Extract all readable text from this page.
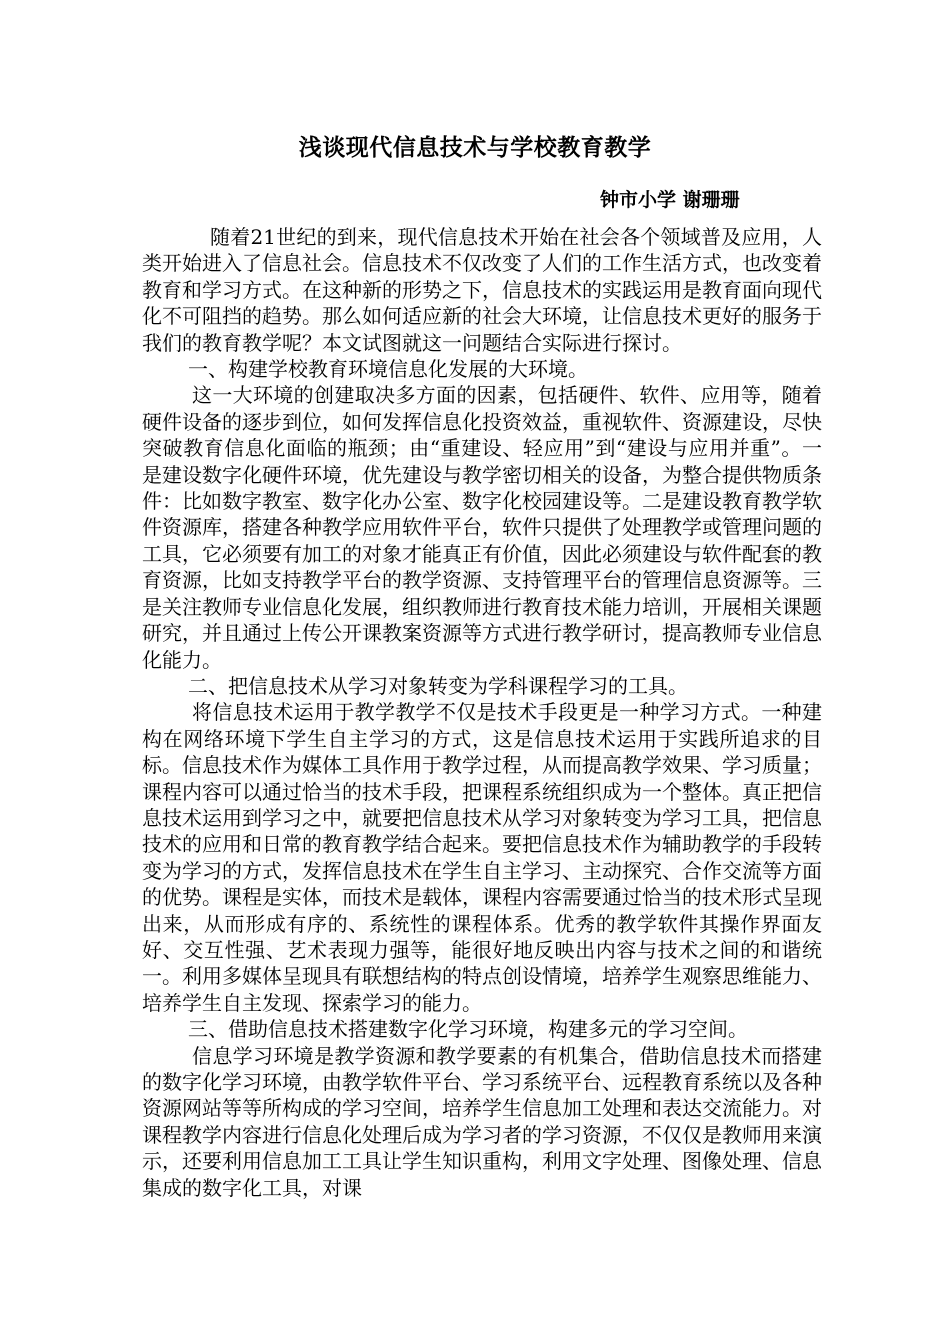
浅谈现代信息技术与学校教育教学
钟市小学 谢珊珊

随着21世纪的到来，现代信息技术开始在社会各个领域普及应用，人类开始进入了信息社会。信息技术不仅改变了人们的工作生活方式，也改变着教育和学习方式。在这种新的形势之下，信息技术的实践运用是教育面向现代化不可阻挡的趋势。那么如何适应新的社会大环境，让信息技术更好的服务于我们的教育教学呢？本文试图就这一问题结合实际进行探讨。

一、构建学校教育环境信息化发展的大环境。

这一大环境的创建取决多方面的因素，包括硬件、软件、应用等，随着硬件设备的逐步到位，如何发挥信息化投资效益，重视软件、资源建设，尽快突破教育信息化面临的瓶颈；由“重建设、轻应用”到“建设与应用并重”。一是建设数字化硬件环境，优先建设与教学密切相关的设备，为整合提供物质条件：比如数字教室、数字化办公室、数字化校园建设等。二是建设教育教学软件资源库，搭建各种教学应用软件平台，软件只提供了处理教学或管理问题的工具，它必须要有加工的对象才能真正有价值，因此必须建设与软件配套的教育资源，比如支持教学平台的教学资源、支持管理平台的管理信息资源等。三是关注教师专业信息化发展，组织教师进行教育技术能力培训，开展相关课题研究，并且通过上传公开课教案资源等方式进行教学研讨，提高教师专业信息化能力。

二、把信息技术从学习对象转变为学科课程学习的工具。

将信息技术运用于教学教学不仅是技术手段更是一种学习方式。一种建构在网络环境下学生自主学习的方式，这是信息技术运用于实践所追求的目标。信息技术作为媒体工具作用于教学过程，从而提高教学效果、学习质量；课程内容可以通过恰当的技术手段，把课程系统组织成为一个整体。真正把信息技术运用到学习之中，就要把信息技术从学习对象转变为学习工具，把信息技术的应用和日常的教育教学结合起来。要把信息技术作为辅助教学的手段转变为学习的方式，发挥信息技术在学生自主学习、主动探究、合作交流等方面的优势。课程是实体，而技术是载体，课程内容需要通过恰当的技术形式呈现出来，从而形成有序的、系统性的课程体系。优秀的教学软件其操作界面友好、交互性强、艺术表现力强等，能很好地反映出内容与技术之间的和谐统一。利用多媒体呈现具有联想结构的特点创设情境，培养学生观察思维能力、培养学生自主发现、探索学习的能力。

三、借助信息技术搭建数字化学习环境，构建多元的学习空间。

信息学习环境是教学资源和教学要素的有机集合，借助信息技术而搭建的数字化学习环境，由教学软件平台、学习系统平台、远程教育系统以及各种资源网站等等所构成的学习空间，培养学生信息加工处理和表达交流能力。对课程教学内容进行信息化处理后成为学习者的学习资源，不仅仅是教师用来演示，还要利用信息加工工具让学生知识重构，利用文字处理、图像处理、信息集成的数字化工具，对课
